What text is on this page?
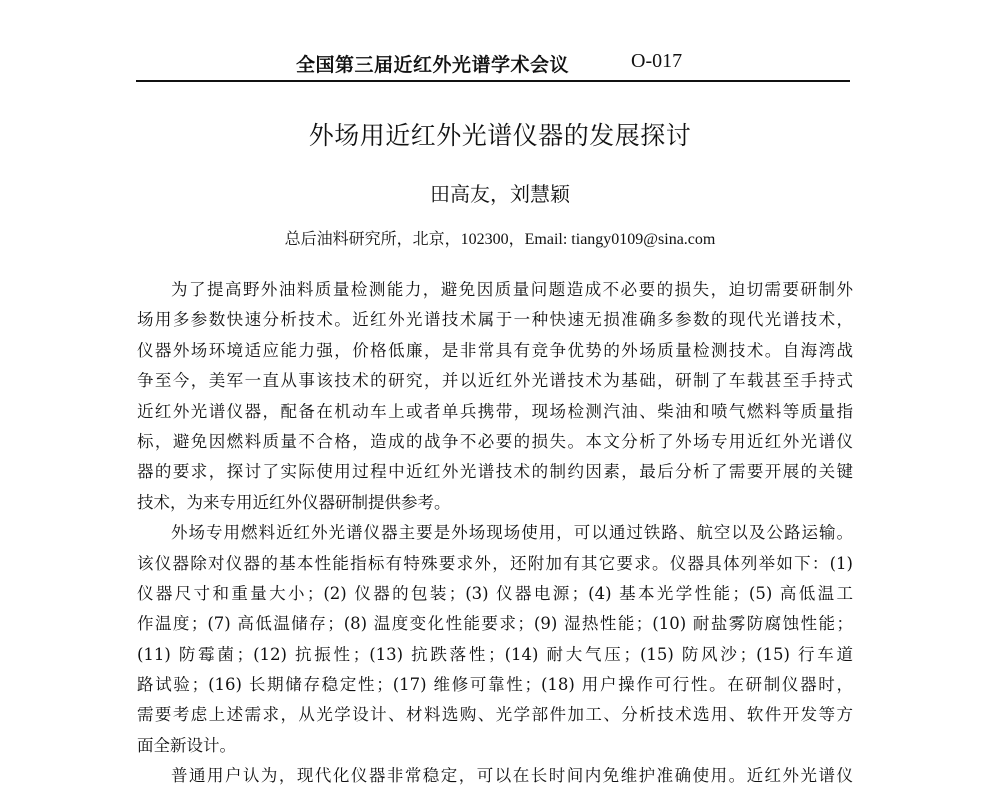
全国第三届近红外光谱学术会议	O-017
外场用近红外光谱仪器的发展探讨
田高友，刘慧颖
总后油料研究所，北京，102300，Email: tiangy0109@sina.com
为了提高野外油料质量检测能力，避免因质量问题造成不必要的损失，迫切需要研制外
场用多参数快速分析技术。近红外光谱技术属于一种快速无损准确多参数的现代光谱技术，
仪器外场环境适应能力强，价格低廉，是非常具有竞争优势的外场质量检测技术。自海湾战
争至今，美军一直从事该技术的研究，并以近红外光谱技术为基础，研制了车载甚至手持式
近红外光谱仪器，配备在机动车上或者单兵携带，现场检测汽油、柴油和喷气燃料等质量指
标，避免因燃料质量不合格，造成的战争不必要的损失。本文分析了外场专用近红外光谱仪
器的要求，探讨了实际使用过程中近红外光谱技术的制约因素，最后分析了需要开展的关键
技术，为来专用近红外仪器研制提供参考。
外场专用燃料近红外光谱仪器主要是外场现场使用，可以通过铁路、航空以及公路运输。
该仪器除对仪器的基本性能指标有特殊要求外，还附加有其它要求。仪器具体列举如下：(1)
仪器尺寸和重量大小；(2) 仪器的包装；(3) 仪器电源；(4) 基本光学性能；(5) 高低温工
作温度；(7) 高低温储存；(8) 温度变化性能要求；(9) 湿热性能；(10) 耐盐雾防腐蚀性能；
(11) 防霉菌；(12) 抗振性；(13) 抗跌落性；(14) 耐大气压；(15) 防风沙；(15) 行车道
路试验；(16) 长期储存稳定性；(17) 维修可靠性；(18) 用户操作可行性。在研制仪器时，
需要考虑上述需求，从光学设计、材料选购、光学部件加工、分析技术选用、软件开发等方
面全新设计。
普通用户认为，现代化仪器非常稳定，可以在长时间内免维护准确使用。近红外光谱仪
